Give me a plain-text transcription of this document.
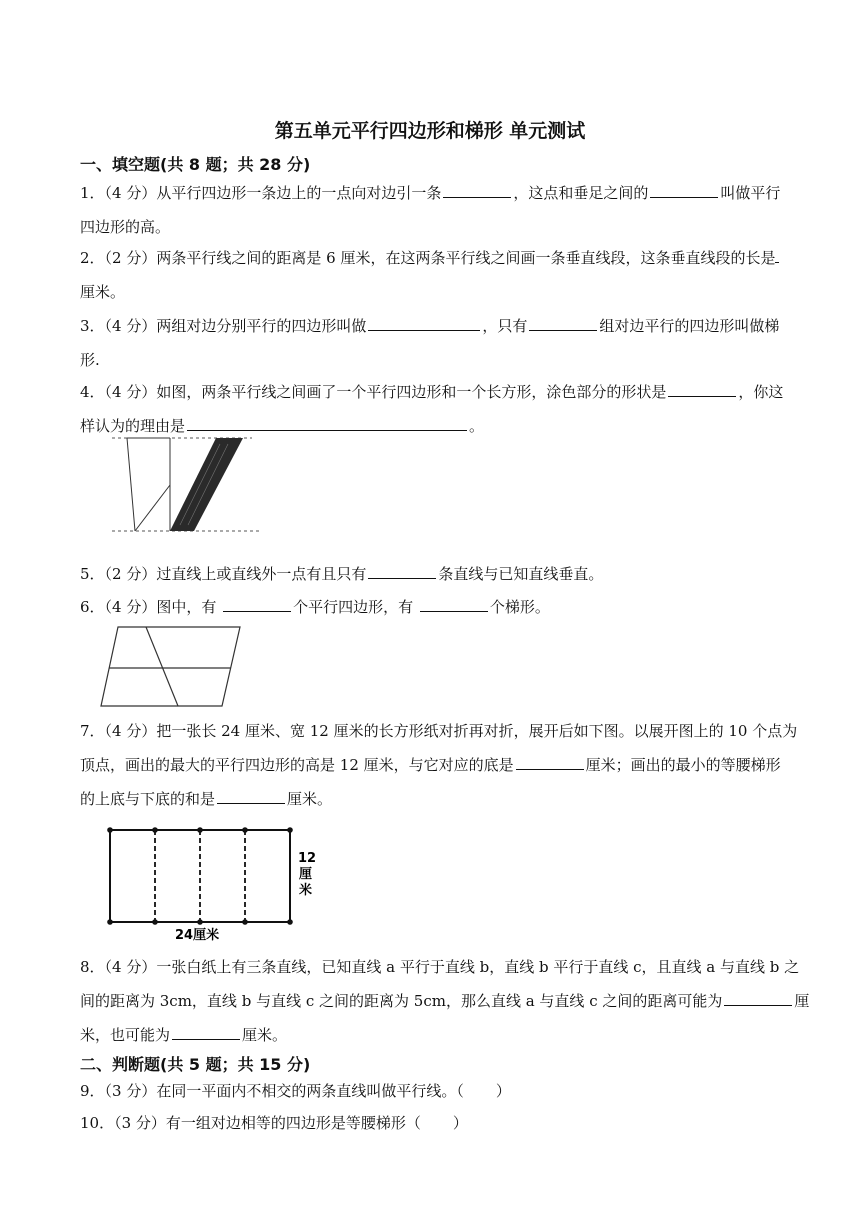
第五单元平行四边形和梯形 单元测试
一、填空题(共 8 题；共 28 分)
1．（4 分）从平行四边形一条边上的一点向对边引一条	，这点和垂足之间的	叫做平行
四边形的高。
2．（2 分）两条平行线之间的距离是 6 厘米，在这两条平行线之间画一条垂直线段，这条垂直线段的长是
厘米。
3．（4 分）两组对边分别平行的四边形叫做	，只有	组对边平行的四边形叫做梯
形.
4．（4 分）如图，两条平行线之间画了一个平行四边形和一个长方形，涂色部分的形状是	，你这
样认为的理由是	。
5．（2 分）过直线上或直线外一点有且只有	条直线与已知直线垂直。
6．（4 分）图中，有	个平行四边形，有	个梯形。
7．（4 分）把一张长 24 厘米、宽 12 厘米的长方形纸对折再对折，展开后如下图。以展开图上的 10 个点为
顶点，画出的最大的平行四边形的高是 12 厘米，与它对应的底是	厘米；画出的最小的等腰梯形
的上底与下底的和是	厘米。
12
厘
米
24厘米
8．（4 分）一张白纸上有三条直线，已知直线 a 平行于直线 b，直线 b 平行于直线 c，且直线 a 与直线 b 之
间的距离为 3cm，直线 b 与直线 c 之间的距离为 5cm，那么直线 a 与直线 c 之间的距离可能为	厘
米，也可能为	厘米。
二、判断题(共 5 题；共 15 分)
9．（3 分）在同一平面内不相交的两条直线叫做平行线。（ ）
10．（3 分）有一组对边相等的四边形是等腰梯形（ ）
